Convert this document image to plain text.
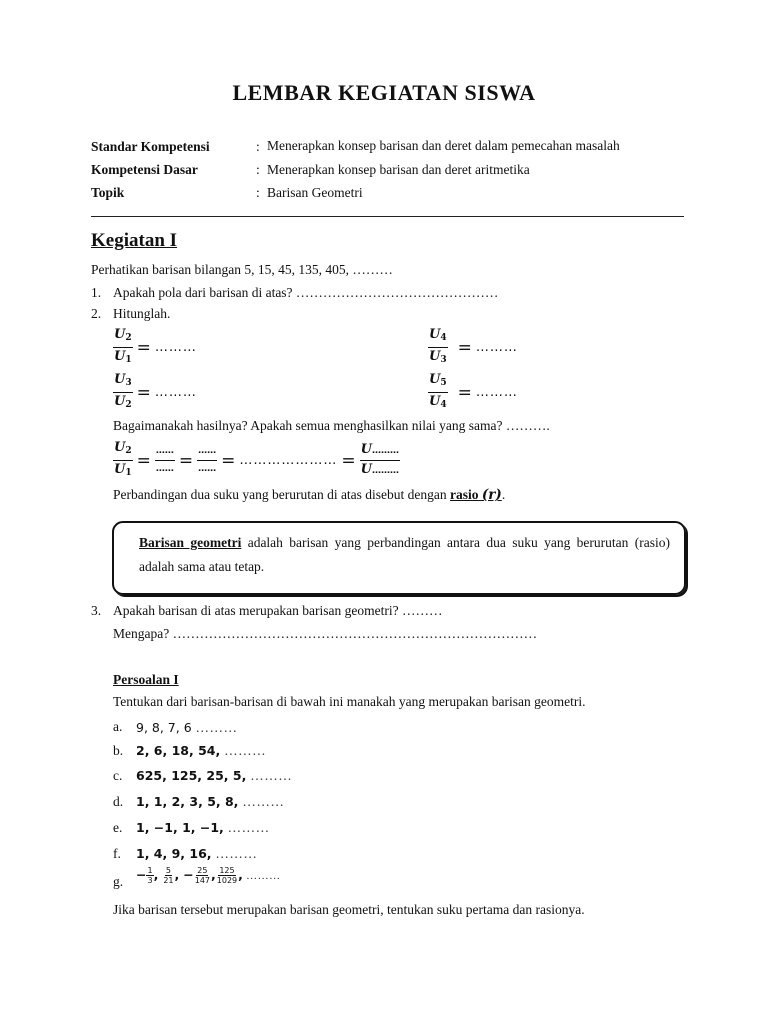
LEMBAR KEGIATAN SISWA
Standar Kompetensi	: Menerapkan konsep barisan dan deret dalam pemecahan masalah
Kompetensi Dasar	: Menerapkan konsep barisan dan deret aritmetika
Topik	: Barisan Geometri
Kegiatan I
Perhatikan barisan bilangan 5, 15, 45, 135, 405, ………
1. Apakah pola dari barisan di atas? ………………………………………
2. Hitunglah.
$\frac{U_2}{U_1}$ = ………	$\frac{U_4}{U_3}$ = ………
$\frac{U_3}{U_2}$ = ………	$\frac{U_5}{U_4}$ = ………
Bagaimanakah hasilnya? Apakah semua menghasilkan nilai yang sama? ……….
$\frac{U_2}{U_1} = \frac{\dots\dots}{\dots\dots} = \frac{\dots\dots}{\dots\dots}$ = ………………… = $\frac{U\dots\dots\dots}{U\dots\dots\dots}$
Perbandingan dua suku yang berurutan di atas disebut dengan rasio (r).
Barisan geometri adalah barisan yang perbandingan antara dua suku yang berurutan (rasio) adalah sama atau tetap.
3. Apakah barisan di atas merupakan barisan geometri? ………
Mengapa? ………………………………………………………………………
Persoalan I
Tentukan dari barisan-barisan di bawah ini manakah yang merupakan barisan geometri.
a. 9, 8, 7, 6 ………
b. 2, 6, 18, 54, ………
c. 625, 125, 25, 5, ………
d. 1, 1, 2, 3, 5, 8, ………
e. 1, −1, 1, −1, ………
f. 1, 4, 9, 16, ………
g. − $\frac{1}{3}$ , $\frac{5}{21}$ , − $\frac{25}{147}$ , $\frac{125}{1029}$ , ………
Jika barisan tersebut merupakan barisan geometri, tentukan suku pertama dan rasionya.
